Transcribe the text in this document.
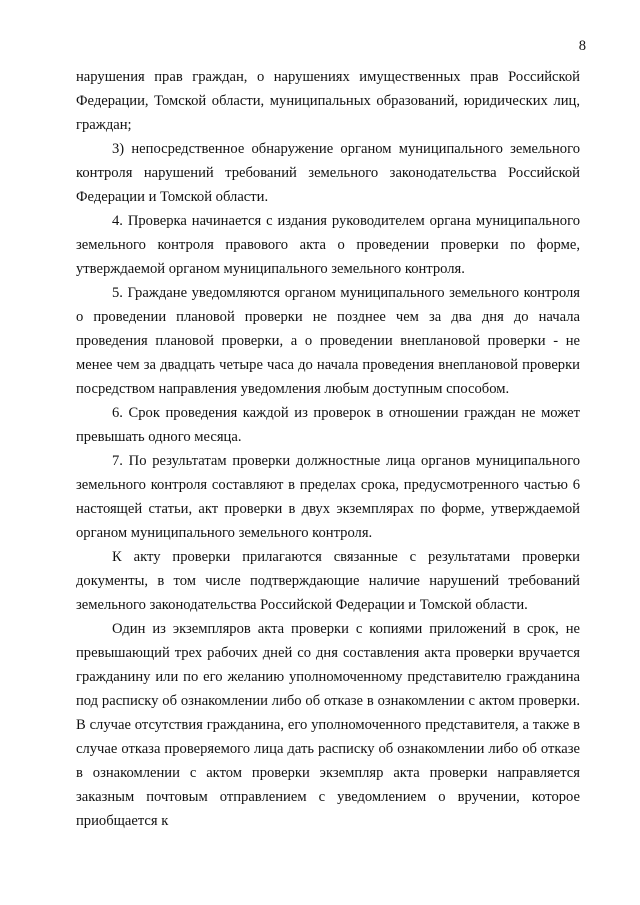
8

нарушения прав граждан, о нарушениях имущественных прав Российской Федерации, Томской области, муниципальных образований, юридических лиц, граждан;

3) непосредственное обнаружение органом муниципального земельного контроля нарушений требований земельного законодательства Российской Федерации и Томской области.

4. Проверка начинается с издания руководителем органа муниципального земельного контроля правового акта о проведении проверки по форме, утверждаемой органом муниципального земельного контроля.

5. Граждане уведомляются органом муниципального земельного контроля о проведении плановой проверки не позднее чем за два дня до начала проведения плановой проверки, а о проведении внеплановой проверки - не менее чем за двадцать четыре часа до начала проведения внеплановой проверки посредством направления уведомления любым доступным способом.

6. Срок проведения каждой из проверок в отношении граждан не может превышать одного месяца.

7. По результатам проверки должностные лица органов муниципального земельного контроля составляют в пределах срока, предусмотренного частью 6 настоящей статьи, акт проверки в двух экземплярах по форме, утверждаемой органом муниципального земельного контроля.

К акту проверки прилагаются связанные с результатами проверки документы, в том числе подтверждающие наличие нарушений требований земельного законодательства Российской Федерации и Томской области.

Один из экземпляров акта проверки с копиями приложений в срок, не превышающий трех рабочих дней со дня составления акта проверки вручается гражданину или по его желанию уполномоченному представителю гражданина под расписку об ознакомлении либо об отказе в ознакомлении с актом проверки. В случае отсутствия гражданина, его уполномоченного представителя, а также в случае отказа проверяемого лица дать расписку об ознакомлении либо об отказе в ознакомлении с актом проверки экземпляр акта проверки направляется заказным почтовым отправлением с уведомлением о вручении, которое приобщается к
